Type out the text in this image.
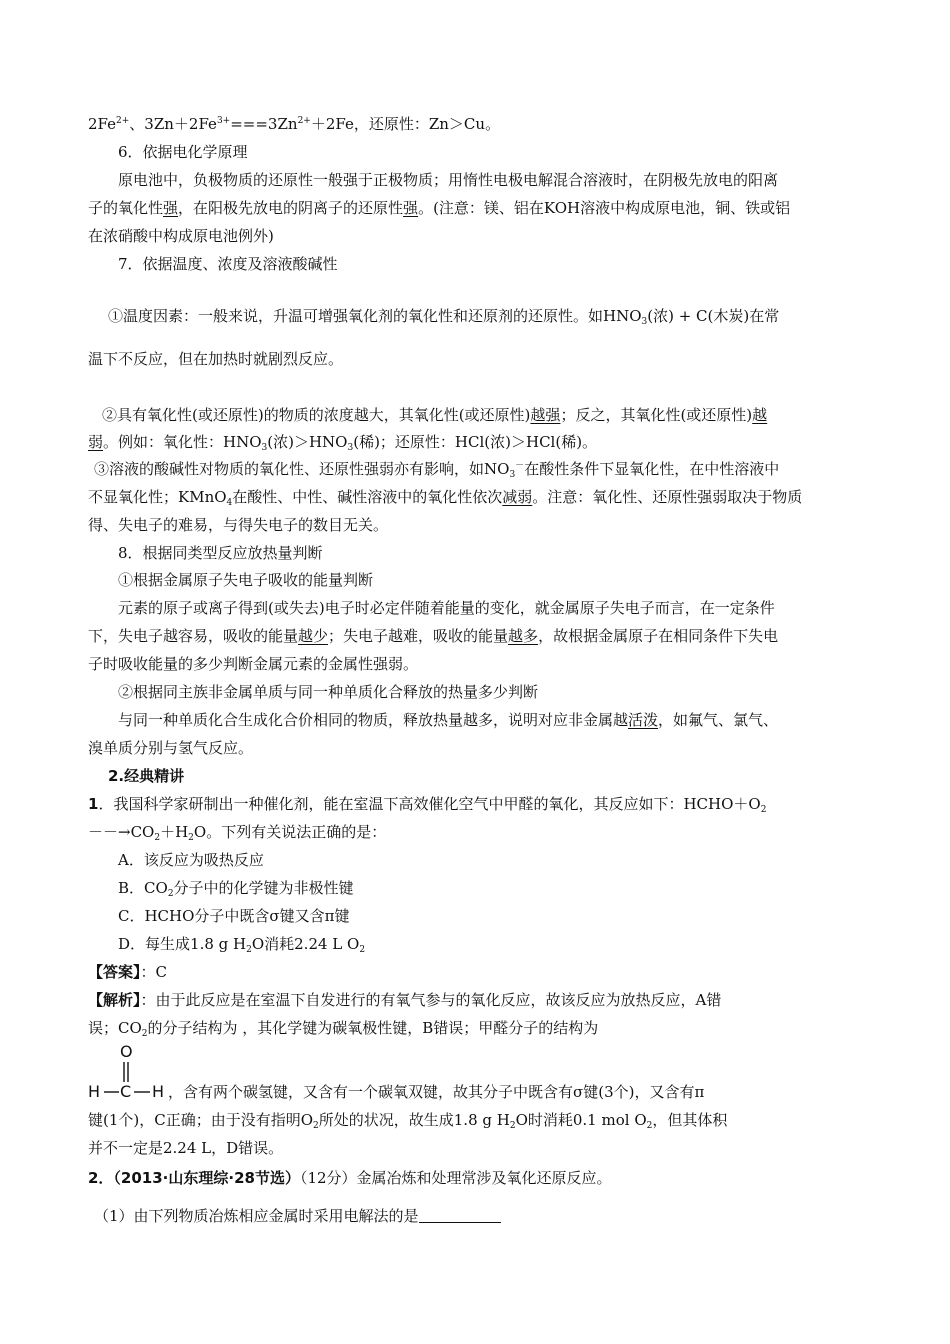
$2Fe^{2+}$、$3Zn+2Fe^{3+}===3Zn^{2+}+2Fe$，还原性：Zn＞Cu。
6．依据电化学原理
原电池中，负极物质的还原性一般强于正极物质；用惰性电极电解混合溶液时，在阴极先放电的阳离
子的氧化性强，在阳极先放电的阴离子的还原性强。(注意：镁、铝在KOH溶液中构成原电池，铜、铁或铝
在浓硝酸中构成原电池例外)
7．依据温度、浓度及溶液酸碱性
①温度因素：一般来说，升温可增强氧化剂的氧化性和还原剂的还原性。如$HNO_3$(浓) + C(木炭)在常
温下不反应，但在加热时就剧烈反应。
②具有氧化性(或还原性)的物质的浓度越大，其氧化性(或还原性)越强；反之，其氧化性(或还原性)越
弱。例如：氧化性：$HNO_3$(浓)$>HNO_3$(稀)；还原性：HCl(浓)＞HCl(稀)。
③溶液的酸碱性对物质的氧化性、还原性强弱亦有影响，如$NO_3^-$在酸性条件下显氧化性，在中性溶液中
不显氧化性；KMnO$_4$在酸性、中性、碱性溶液中的氧化性依次减弱。注意：氧化性、还原性强弱取决于物质
得、失电子的难易，与得失电子的数目无关。
8．根据同类型反应放热量判断
①根据金属原子失电子吸收的能量判断
元素的原子或离子得到(或失去)电子时必定伴随着能量的变化，就金属原子失电子而言，在一定条件
下，失电子越容易，吸收的能量越少；失电子越难，吸收的能量越多，故根据金属原子在相同条件下失电
子时吸收能量的多少判断金属元素的金属性强弱。
②根据同主族非金属单质与同一种单质化合释放的热量多少判断
与同一种单质化合生成化合价相同的物质，释放热量越多，说明对应非金属越活泼，如氟气、氯气、
溴单质分别与氢气反应。
2.经典精讲
1．我国科学家研制出一种催化剂，能在室温下高效催化空气中甲醛的氧化，其反应如下：$HCHO+O_2$
$--\to CO_2+H_2O$。下列有关说法正确的是：
A．该反应为吸热反应
B．$CO_2$分子中的化学键为非极性键
C．HCHO分子中既含σ键又含π键
D．每生成1.8 g $H_2O$消耗2.24 L $O_2$
【答案】：C
【解析】：由于此反应是在室温下自发进行的有氧气参与的氧化反应，故该反应为放热反应，A错
误；$CO_2$的分子结构为 ，其化学键为碳氧极性键，B错误；甲醛分子的结构为
O
H C H ，含有两个碳氢键，又含有一个碳氧双键，故其分子中既含有σ键(3个)，又含有π
键(1个)，C正确；由于没有指明$O_2$所处的状况，故生成1.8 g $H_2O$时消耗0.1 mol $O_2$，但其体积
并不一定是2.24 L，D错误。
2．（2013·山东理综·28节选）（12分）金属冶炼和处理常涉及氧化还原反应。
（1）由下列物质冶炼相应金属时采用电解法的是
